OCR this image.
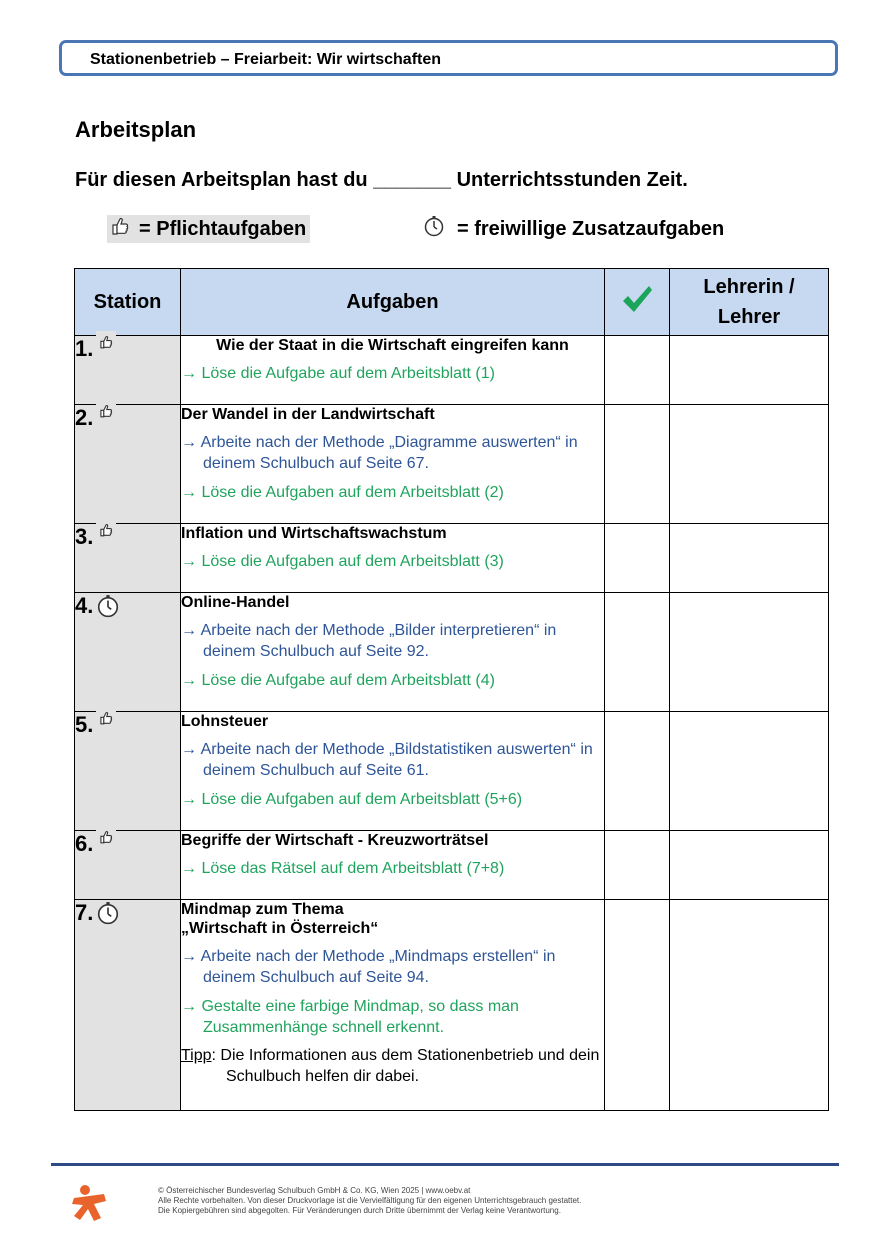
Stationenbetrieb – Freiarbeit: Wir wirtschaften
Arbeitsplan
Für diesen Arbeitsplan hast du _______ Unterrichtsstunden Zeit.
= Pflichtaufgaben	= freiwillige Zusatzaufgaben
Station	Aufgaben		Lehrerin / Lehrer

1.	Wie der Staat in die Wirtschaft eingreifen kann
→ Löse die Aufgabe auf dem Arbeitsblatt (1)		

2.	Der Wandel in der Landwirtschaft
→ Arbeite nach der Methode „Diagramme auswerten“ in deinem Schulbuch auf Seite 67.
→ Löse die Aufgaben auf dem Arbeitsblatt (2)		

3.	Inflation und Wirtschaftswachstum
→ Löse die Aufgaben auf dem Arbeitsblatt (3)		

4.	Online-Handel
→ Arbeite nach der Methode „Bilder interpretieren“ in deinem Schulbuch auf Seite 92.
→ Löse die Aufgabe auf dem Arbeitsblatt (4)		

5.	Lohnsteuer
→ Arbeite nach der Methode „Bildstatistiken auswerten“ in deinem Schulbuch auf Seite 61.
→ Löse die Aufgaben auf dem Arbeitsblatt (5+6)		

6.	Begriffe der Wirtschaft - Kreuzworträtsel
→ Löse das Rätsel auf dem Arbeitsblatt (7+8)		

7.	Mindmap zum Thema
„Wirtschaft in Österreich“
→ Arbeite nach der Methode „Mindmaps erstellen“ in deinem Schulbuch auf Seite 94.
→ Gestalte eine farbige Mindmap, so dass man Zusammenhänge schnell erkennt.
Tipp: Die Informationen aus dem Stationenbetrieb und dein Schulbuch helfen dir dabei.		

© Österreichischer Bundesverlag Schulbuch GmbH & Co. KG, Wien 2025 | www.oebv.at
Alle Rechte vorbehalten. Von dieser Druckvorlage ist die Vervielfältigung für den eigenen Unterrichtsgebrauch gestattet.
Die Kopiergebühren sind abgegolten. Für Veränderungen durch Dritte übernimmt der Verlag keine Verantwortung.
